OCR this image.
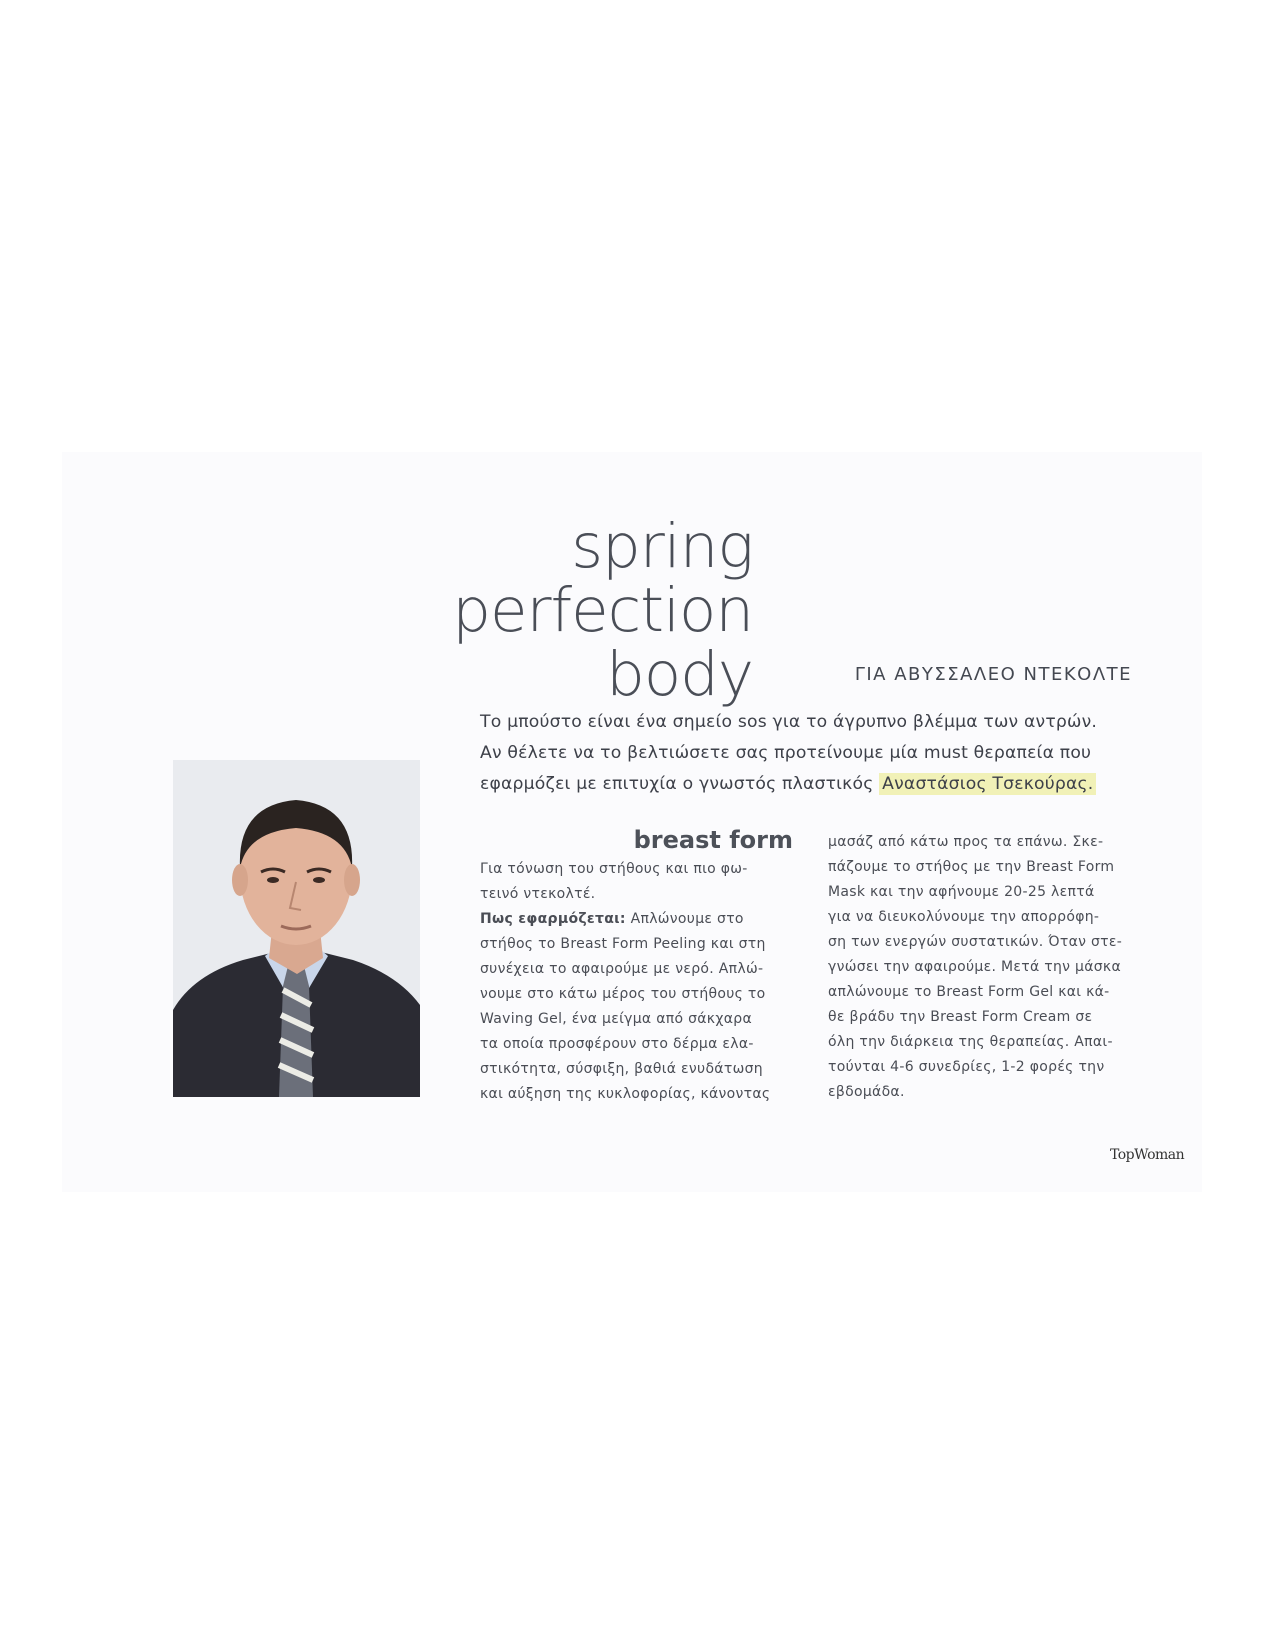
spring
perfection
body	ΓΙΑ ΑΒΥΣΣΑΛΕΟ ΝΤΕΚΟΛΤΕ
Το μπούστο είναι ένα σημείο sos για το άγρυπνο βλέμμα των αντρών.
Αν θέλετε να το βελτιώσετε σας προτείνουμε μία must θεραπεία που
εφαρμόζει με επιτυχία ο γνωστός πλαστικός Αναστάσιος Τσεκούρας.
breast form
Για τόνωση του στήθους και πιο φω-
τεινό ντεκολτέ.
Πως εφαρμόζεται: Απλώνουμε στο
στήθος το Breast Form Peeling και στη
συνέχεια το αφαιρούμε με νερό. Απλώ-
νουμε στο κάτω μέρος του στήθους το
Waving Gel, ένα μείγμα από σάκχαρα
τα οποία προσφέρουν στο δέρμα ελα-
στικότητα, σύσφιξη, βαθιά ενυδάτωση
και αύξηση της κυκλοφορίας, κάνοντας
μασάζ από κάτω προς τα επάνω. Σκε-
πάζουμε το στήθος με την Breast Form
Mask και την αφήνουμε 20-25 λεπτά
για να διευκολύνουμε την απορρόφη-
ση των ενεργών συστατικών. Όταν στε-
γνώσει την αφαιρούμε. Μετά την μάσκα
απλώνουμε το Breast Form Gel και κά-
θε βράδυ την Breast Form Cream σε
όλη την διάρκεια της θεραπείας. Απαι-
τούνται 4-6 συνεδρίες, 1-2 φορές την
εβδομάδα.
TopWoman
